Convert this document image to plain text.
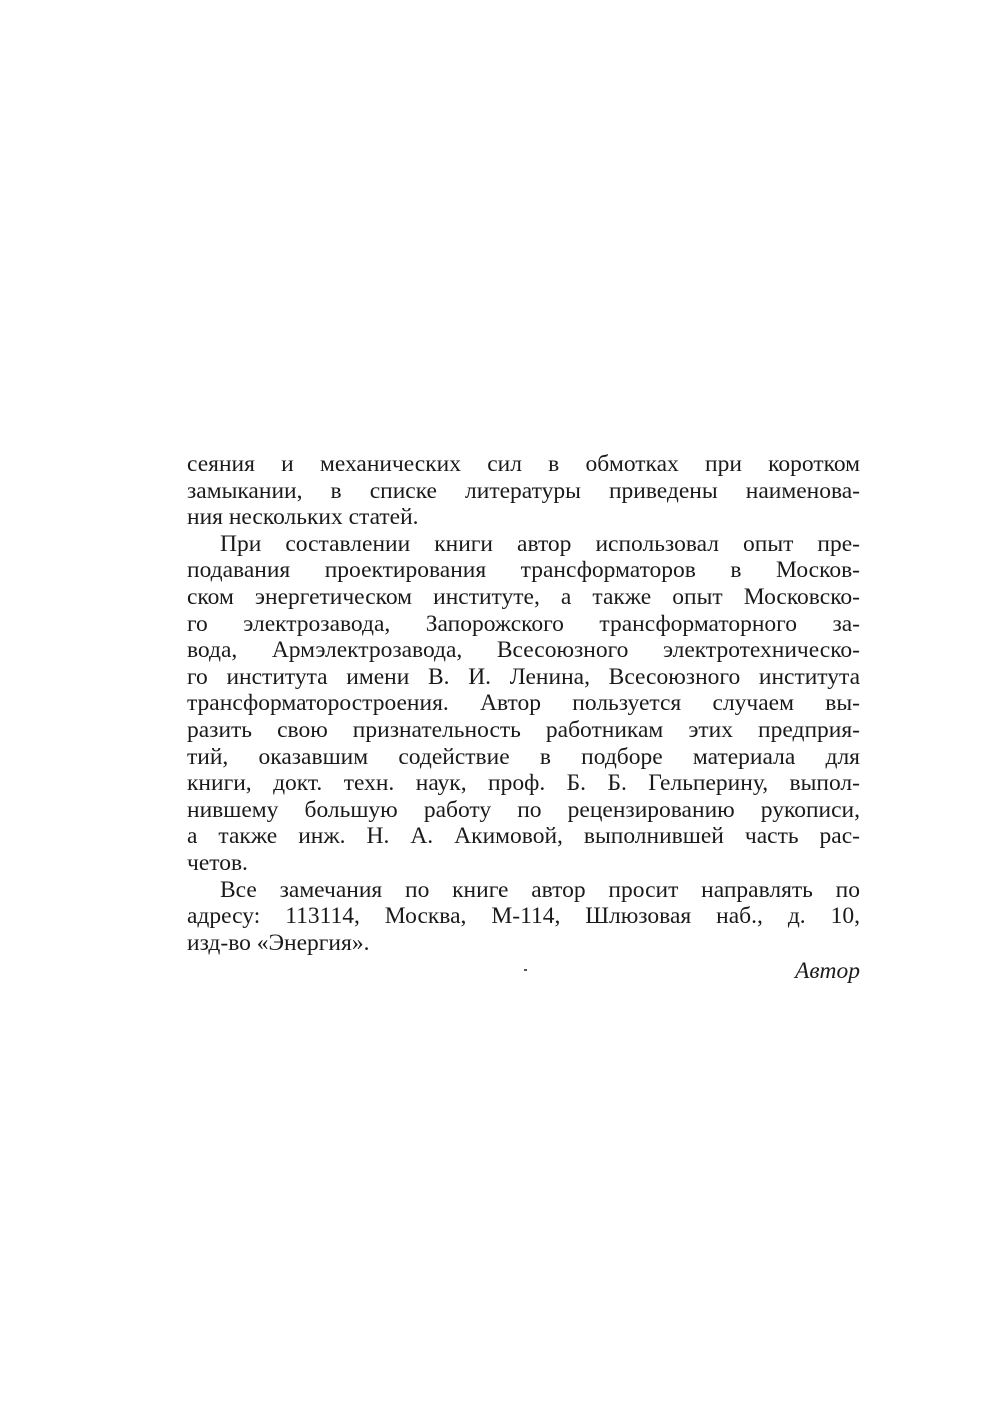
сеяния и механических сил в обмотках при коротком
замыкании, в списке литературы приведены наименова-
ния нескольких статей.
При составлении книги автор использовал опыт пре-
подавания проектирования трансформаторов в Москов-
ском энергетическом институте, а также опыт Московско-
го электрозавода, Запорожского трансформаторного за-
вода, Армэлектрозавода, Всесоюзного электротехническо-
го института имени В. И. Ленина, Всесоюзного института
трансформаторостроения. Автор пользуется случаем вы-
разить свою признательность работникам этих предприя-
тий, оказавшим содействие в подборе материала для
книги, докт. техн. наук, проф. Б. Б. Гельперину, выпол-
нившему большую работу по рецензированию рукописи,
а также инж. Н. А. Акимовой, выполнившей часть рас-
четов.
Все замечания по книге автор просит направлять по
адресу: 113114, Москва, М-114, Шлюзовая наб., д. 10,
изд-во «Энергия».
Автор
